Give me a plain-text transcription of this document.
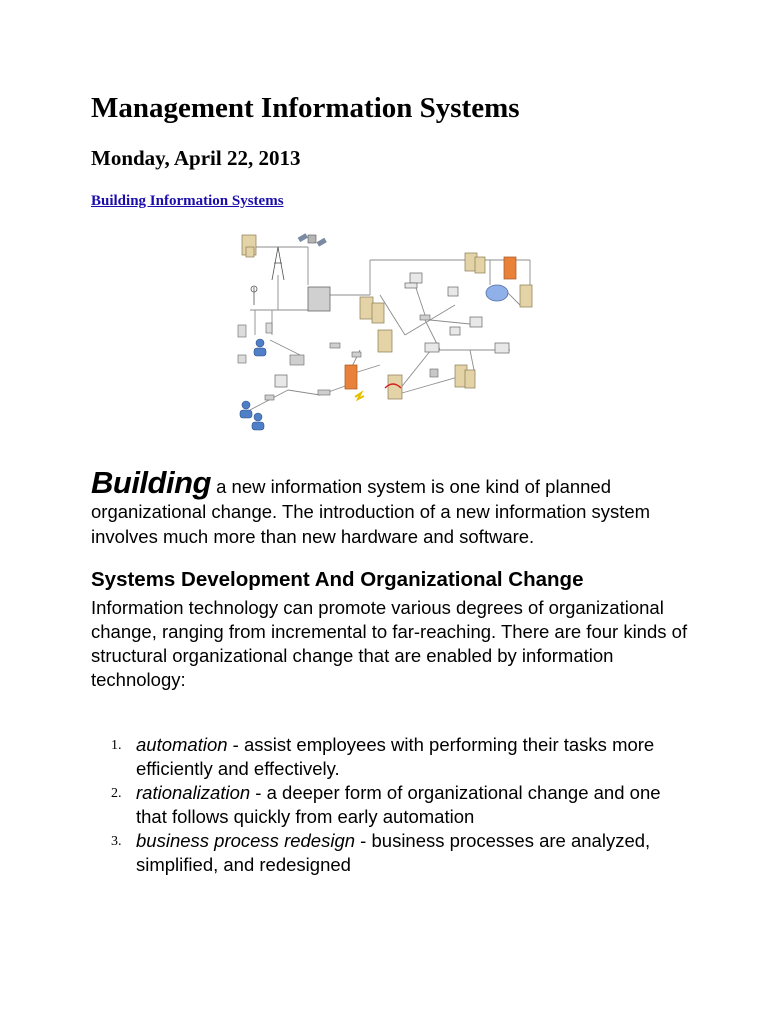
Management Information Systems
Monday, April 22, 2013
Building Information Systems

Building a new information system is one kind of planned organizational change. The introduction of a new information system involves much more than new hardware and software.

Systems Development And Organizational Change

Information technology can promote various degrees of organizational change, ranging from incremental to far-reaching. There are four kinds of structural organizational change that are enabled by information technology:

1. automation - assist employees with performing their tasks more efficiently and effectively.
2. rationalization - a deeper form of organizational change and one that follows quickly from early automation
3. business process redesign - business processes are analyzed, simplified, and redesigned
